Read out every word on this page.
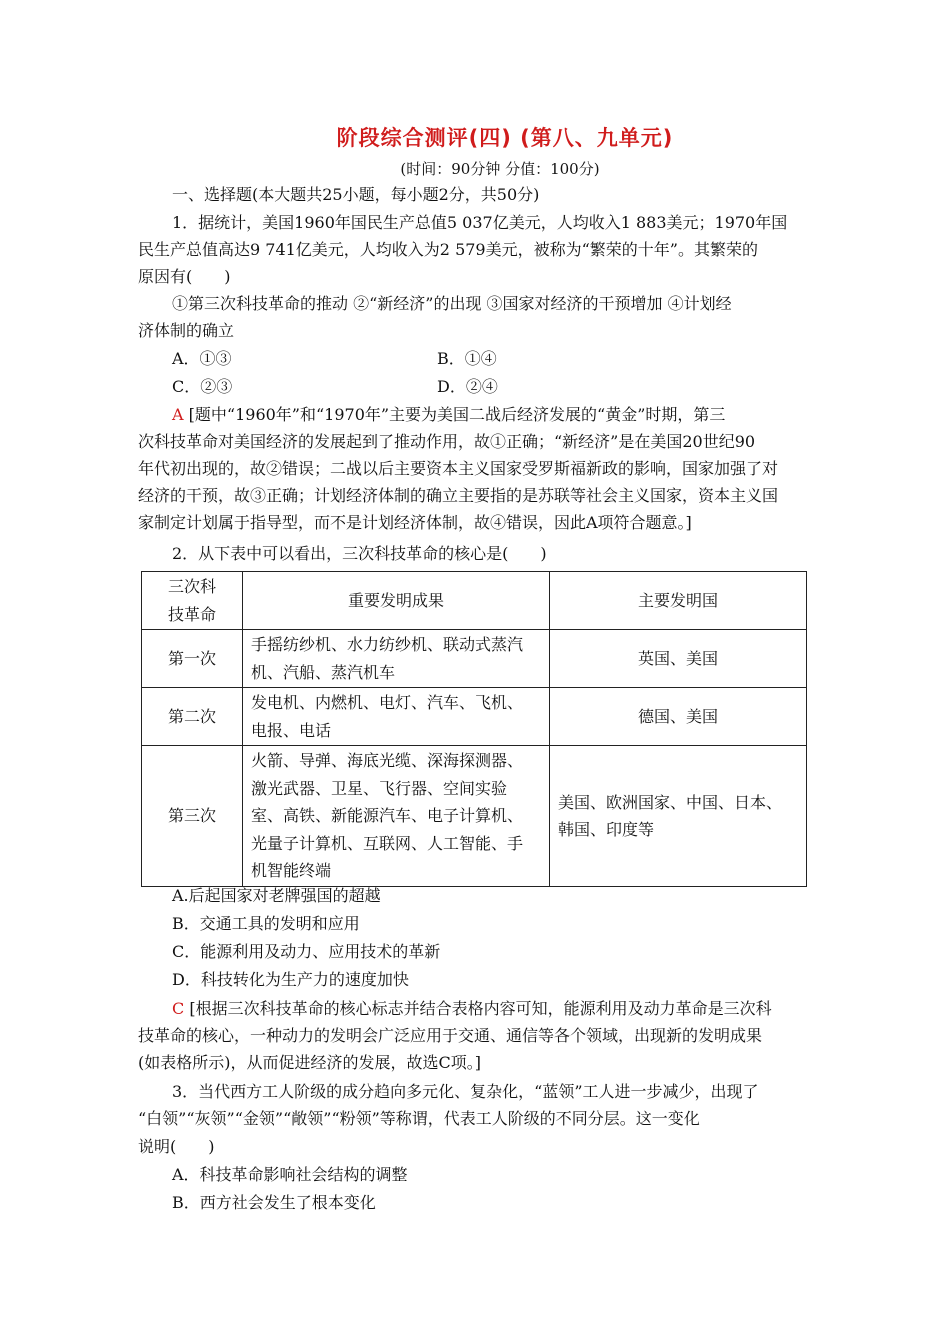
阶段综合测评(四) (第八、九单元)
(时间：90分钟 分值：100分)
一、选择题(本大题共25小题，每小题2分，共50分)
1．据统计，美国1960年国民生产总值5 037亿美元，人均收入1 883美元；1970年国
民生产总值高达9 741亿美元，人均收入为2 579美元，被称为“繁荣的十年”。其繁荣的
原因有(　　)
①第三次科技革命的推动 ②“新经济”的出现 ③国家对经济的干预增加 ④计划经
济体制的确立
A．①③	B．①④
C．②③	D．②④
A [题中“1960年”和“1970年”主要为美国二战后经济发展的“黄金”时期，第三
次科技革命对美国经济的发展起到了推动作用，故①正确；“新经济”是在美国20世纪90
年代初出现的，故②错误；二战以后主要资本主义国家受罗斯福新政的影响，国家加强了对
经济的干预，故③正确；计划经济体制的确立主要指的是苏联等社会主义国家，资本主义国
家制定计划属于指导型，而不是计划经济体制，故④错误，因此A项符合题意。]
2．从下表中可以看出，三次科技革命的核心是(　　)
三次科
技革命	重要发明成果	主要发明国
第一次	手摇纺纱机、水力纺纱机、联动式蒸汽
机、汽船、蒸汽机车	英国、美国
第二次	发电机、内燃机、电灯、汽车、飞机、
电报、电话	德国、美国
第三次	火箭、导弹、海底光缆、深海探测器、
激光武器、卫星、飞行器、空间实验
室、高铁、新能源汽车、电子计算机、
光量子计算机、互联网、人工智能、手
机智能终端	美国、欧洲国家、中国、日本、
韩国、印度等
A.后起国家对老牌强国的超越
B．交通工具的发明和应用
C．能源利用及动力、应用技术的革新
D．科技转化为生产力的速度加快
C [根据三次科技革命的核心标志并结合表格内容可知，能源利用及动力革命是三次科
技革命的核心，一种动力的发明会广泛应用于交通、通信等各个领域，出现新的发明成果
(如表格所示)，从而促进经济的发展，故选C项。]
3．当代西方工人阶级的成分趋向多元化、复杂化，“蓝领”工人进一步减少，出现了
“白领”“灰领”“金领”“敞领”“粉领”等称谓，代表工人阶级的不同分层。这一变化
说明(　　)
A．科技革命影响社会结构的调整
B．西方社会发生了根本变化
